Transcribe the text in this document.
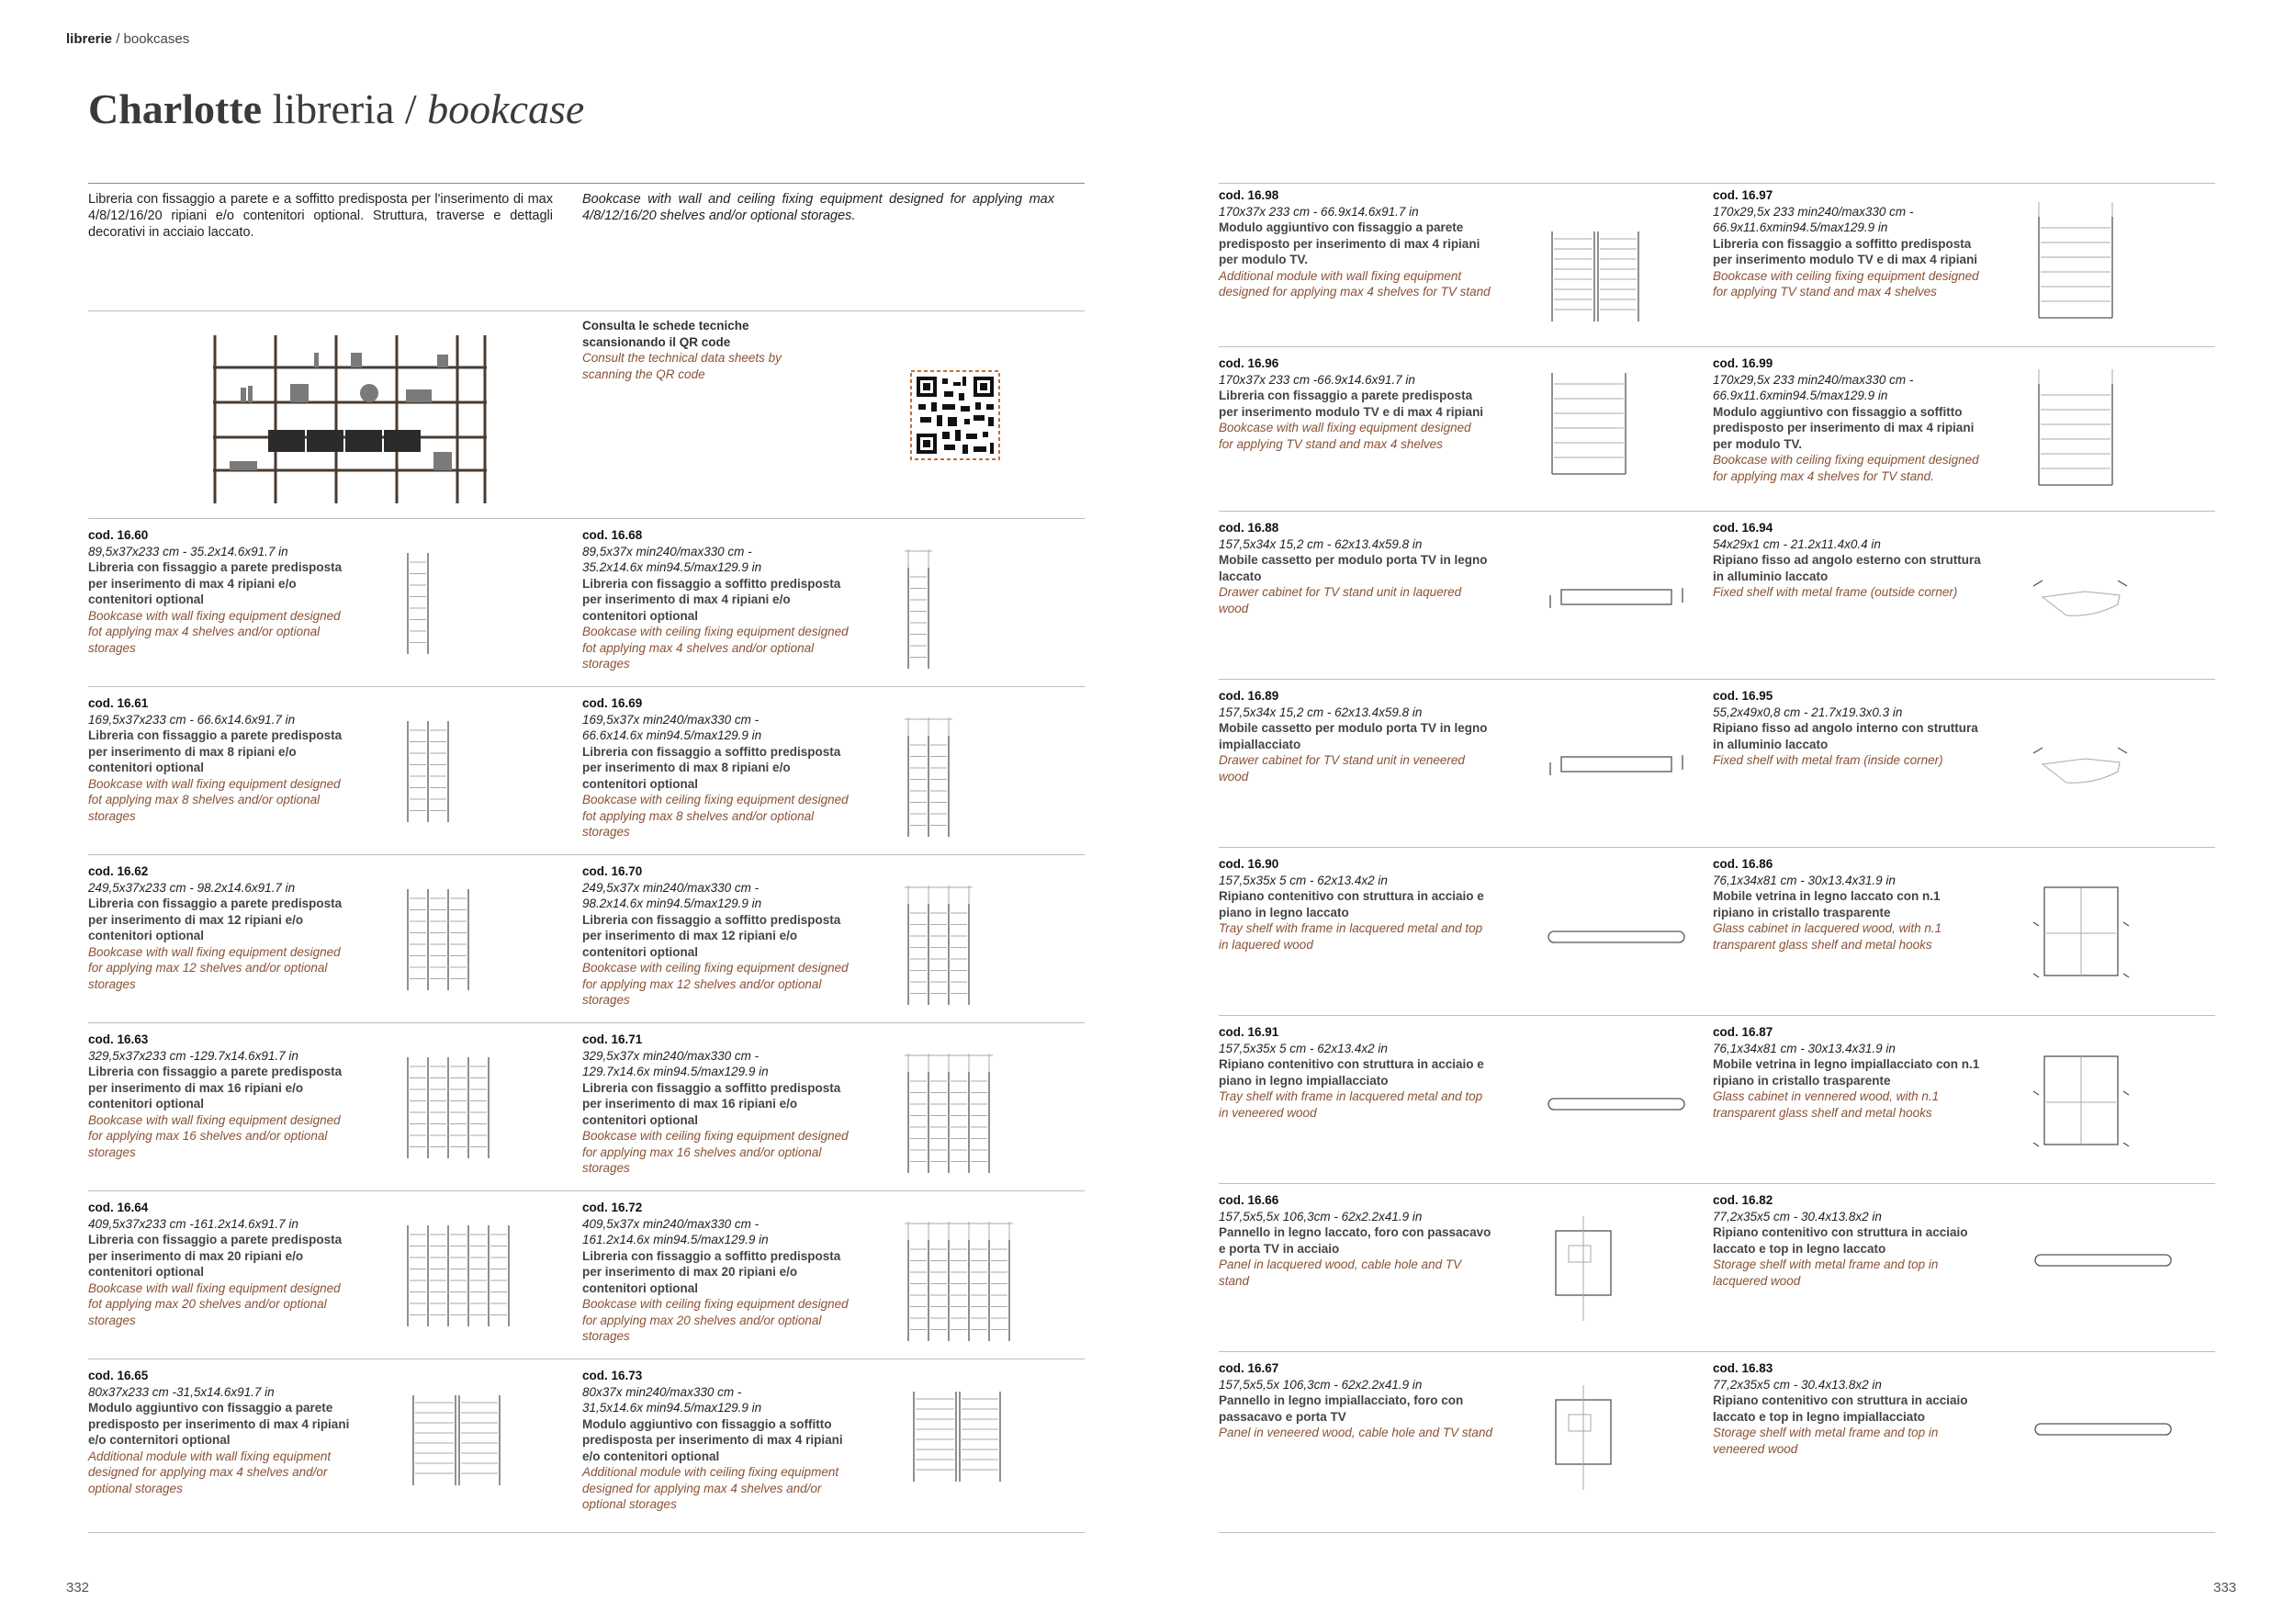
librerie / bookcases
Charlotte libreria / bookcase
Libreria con fissaggio a parete e a soffitto predisposta per l'inserimento di max 4/8/12/16/20 ripiani e/o contenitori optional. Struttura, traverse e dettagli decorativi in acciaio laccato.
Bookcase with wall and ceiling fixing equipment designed for applying max 4/8/12/16/20 shelves and/or optional storages.
Consulta le schede tecniche
scansionando il QR code
Consult the technical data sheets by
scanning the QR code
cod. 16.60
89,5x37x233 cm - 35.2x14.6x91.7 in
Libreria con fissaggio a parete predisposta
per inserimento di max 4 ripiani e/o
contenitori optional
Bookcase with wall fixing equipment designed
fot applying max 4 shelves and/or optional
storages
cod. 16.68
89,5x37x min240/max330 cm -
35.2x14.6x min94.5/max129.9 in
Libreria con fissaggio a soffitto predisposta
per inserimento di max 4 ripiani e/o
contenitori optional
Bookcase with ceiling fixing equipment designed
fot applying max 4 shelves and/or optional
storages
cod. 16.61
169,5x37x233 cm - 66.6x14.6x91.7 in
Libreria con fissaggio a parete predisposta
per inserimento di max 8 ripiani e/o
contenitori optional
Bookcase with wall fixing equipment designed
fot applying max 8 shelves and/or optional
storages
cod. 16.69
169,5x37x min240/max330 cm -
66.6x14.6x min94.5/max129.9 in
Libreria con fissaggio a soffitto predisposta
per inserimento di max 8 ripiani e/o
contenitori optional
Bookcase with ceiling fixing equipment designed
fot applying max 8 shelves and/or optional
storages
cod. 16.62
249,5x37x233 cm - 98.2x14.6x91.7 in
Libreria con fissaggio a parete predisposta
per inserimento di max 12 ripiani e/o
contenitori optional
Bookcase with wall fixing equipment designed
for applying max 12 shelves and/or optional
storages
cod. 16.70
249,5x37x min240/max330 cm -
98.2x14.6x min94.5/max129.9 in
Libreria con fissaggio a soffitto predisposta
per inserimento di max 12 ripiani e/o
contenitori optional
Bookcase with ceiling fixing equipment designed
for applying max 12 shelves and/or optional
storages
cod. 16.63
329,5x37x233 cm -129.7x14.6x91.7 in
Libreria con fissaggio a parete predisposta
per inserimento di max 16 ripiani e/o
contenitori optional
Bookcase with wall fixing equipment designed
for applying max 16 shelves and/or optional
storages
cod. 16.71
329,5x37x min240/max330 cm -
129.7x14.6x min94.5/max129.9 in
Libreria con fissaggio a soffitto predisposta
per inserimento di max 16 ripiani e/o
contenitori optional
Bookcase with ceiling fixing equipment designed
for applying max 16 shelves and/or optional
storages
cod. 16.64
409,5x37x233 cm -161.2x14.6x91.7 in
Libreria con fissaggio a parete predisposta
per inserimento di max 20 ripiani e/o
contenitori optional
Bookcase with wall fixing equipment designed
fot applying max 20 shelves and/or optional
storages
cod. 16.72
409,5x37x min240/max330 cm -
161.2x14.6x min94.5/max129.9 in
Libreria con fissaggio a soffitto predisposta
per inserimento di max 20 ripiani e/o
contenitori optional
Bookcase with ceiling fixing equipment designed
for applying max 20 shelves and/or optional
storages
cod. 16.65
80x37x233 cm -31,5x14.6x91.7 in
Modulo aggiuntivo con fissaggio a parete
predisposto per inserimento di max 4 ripiani
e/o conternitori optional
Additional module with wall fixing equipment
designed for applying max 4 shelves and/or
optional storages
cod. 16.73
80x37x min240/max330 cm -
31,5x14.6x min94.5/max129.9 in
Modulo aggiuntivo con fissaggio a soffitto
predisposta per inserimento di max 4 ripiani
e/o contenitori optional
Additional module with ceiling fixing equipment
designed for applying max 4 shelves and/or
optional storages
cod. 16.98
170x37x 233 cm - 66.9x14.6x91.7 in
Modulo aggiuntivo con fissaggio a parete
predisposto per inserimento di max 4 ripiani
per modulo TV.
Additional module with wall fixing equipment
designed for applying max 4 shelves for TV stand
cod. 16.97
170x29,5x 233 min240/max330 cm -
66.9x11.6xmin94.5/max129.9 in
Libreria con fissaggio a soffitto predisposta
per inserimento modulo TV e di max 4 ripiani
Bookcase with ceiling fixing equipment designed
for applying TV stand and max 4 shelves
cod. 16.96
170x37x 233 cm -66.9x14.6x91.7 in
Libreria con fissaggio a parete predisposta
per inserimento modulo TV e di max 4 ripiani
Bookcase with wall fixing equipment designed
for applying TV stand and max 4 shelves
cod. 16.99
170x29,5x 233 min240/max330 cm -
66.9x11.6xmin94.5/max129.9 in
Modulo aggiuntivo con fissaggio a soffitto
predisposto per inserimento di max 4 ripiani
per modulo TV.
Bookcase with ceiling fixing equipment designed
for applying max 4 shelves for TV stand.
cod. 16.88
157,5x34x 15,2 cm - 62x13.4x59.8 in
Mobile cassetto per modulo porta TV in legno
laccato
Drawer cabinet for TV stand unit in laquered
wood
cod. 16.94
54x29x1 cm - 21.2x11.4x0.4 in
Ripiano fisso ad angolo esterno con struttura
in alluminio laccato
Fixed shelf with metal frame (outside corner)
cod. 16.89
157,5x34x 15,2 cm - 62x13.4x59.8 in
Mobile cassetto per modulo porta TV in legno
impiallacciato
Drawer cabinet for TV stand unit in veneered
wood
cod. 16.95
55,2x49x0,8 cm - 21.7x19.3x0.3 in
Ripiano fisso ad angolo interno con struttura
in alluminio laccato
Fixed shelf with metal fram (inside corner)
cod. 16.90
157,5x35x 5 cm - 62x13.4x2 in
Ripiano contenitivo con struttura in acciaio e
piano in legno laccato
Tray shelf with frame in lacquered metal and top
in laquered wood
cod. 16.86
76,1x34x81 cm - 30x13.4x31.9 in
Mobile vetrina in legno laccato con n.1
ripiano in cristallo trasparente
Glass cabinet in lacquered wood, with n.1
transparent glass shelf and metal hooks
cod. 16.91
157,5x35x 5 cm - 62x13.4x2 in
Ripiano contenitivo con struttura in acciaio e
piano in legno impiallacciato
Tray shelf with frame in lacquered metal and top
in veneered wood
cod. 16.87
76,1x34x81 cm - 30x13.4x31.9 in
Mobile vetrina in legno impiallacciato con n.1
ripiano in cristallo trasparente
Glass cabinet in vennered wood, with n.1
transparent glass shelf and metal hooks
cod. 16.66
157,5x5,5x 106,3cm - 62x2.2x41.9 in
Pannello in legno laccato, foro con passacavo
e porta TV in acciaio
Panel in lacquered wood, cable hole and TV
stand
cod. 16.82
77,2x35x5 cm - 30.4x13.8x2 in
Ripiano contenitivo con struttura in acciaio
laccato e top in legno laccato
Storage shelf with metal frame and top in
lacquered wood
cod. 16.67
157,5x5,5x 106,3cm - 62x2.2x41.9 in
Pannello in legno impiallacciato, foro con
passacavo e porta TV
Panel in veneered wood, cable hole and TV stand
cod. 16.83
77,2x35x5 cm - 30.4x13.8x2 in
Ripiano contenitivo con struttura in acciaio
laccato e top in legno impiallacciato
Storage shelf with metal frame and top in
veneered wood
332	333
